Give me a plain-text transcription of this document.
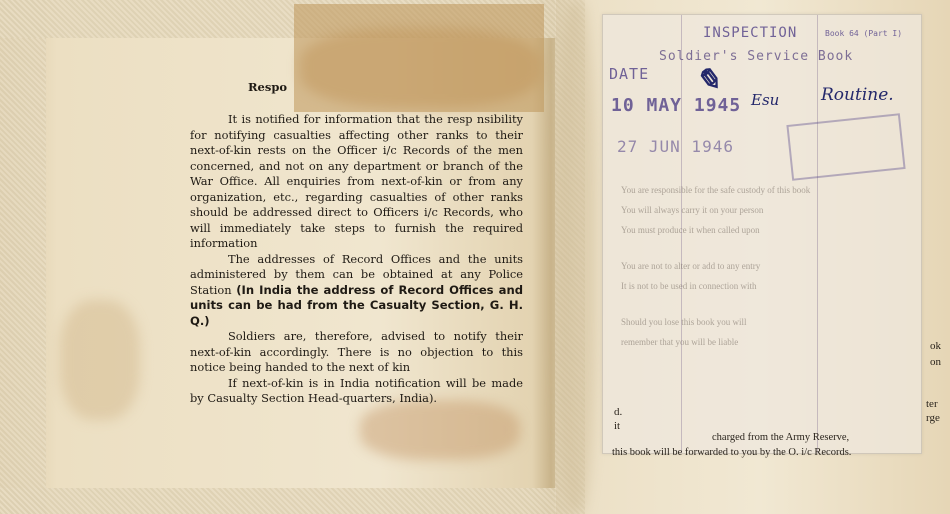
Respo

It is notified for information that the resp nsibility for notifying casualties affecting other ranks to their next-of-kin rests on the Officer i/c Records of the men concerned, and not on any department or branch of the War Office. All enquiries from next-of-kin or from any organization, etc., regarding casualties of other ranks should be addressed direct to Officers i/c Records, who will immediately take steps to furnish the required information

The addresses of Record Offices and the units administered by them can be obtained at any Police Station (In India the address of Record Offices and units can be had from the Casualty Section, G. H. Q.)

Soldiers are, therefore, advised to notify their next-of-kin accordingly. There is no objection to this notice being handed to the next of kin

If next-of-kin is in India notification will be made by Casualty Section Head-quarters, India).

INSPECTION	Book 64 (Part I)
Soldier's Service Book
DATE
10 MAY 1945
27 JUN 1946
✎
Esu Routine.
You are responsible for the safe custody of this book
You will always carry it on your person
You must produce it when called upon
You are not to alter or add to any entry
It is not to be used in connection with
Should you lose this book you will
remember that you will be liable	ok
on
ter
rge
d.
it
charged from the Army Reserve,
this book will be forwarded to you by the O. i/c Records.
